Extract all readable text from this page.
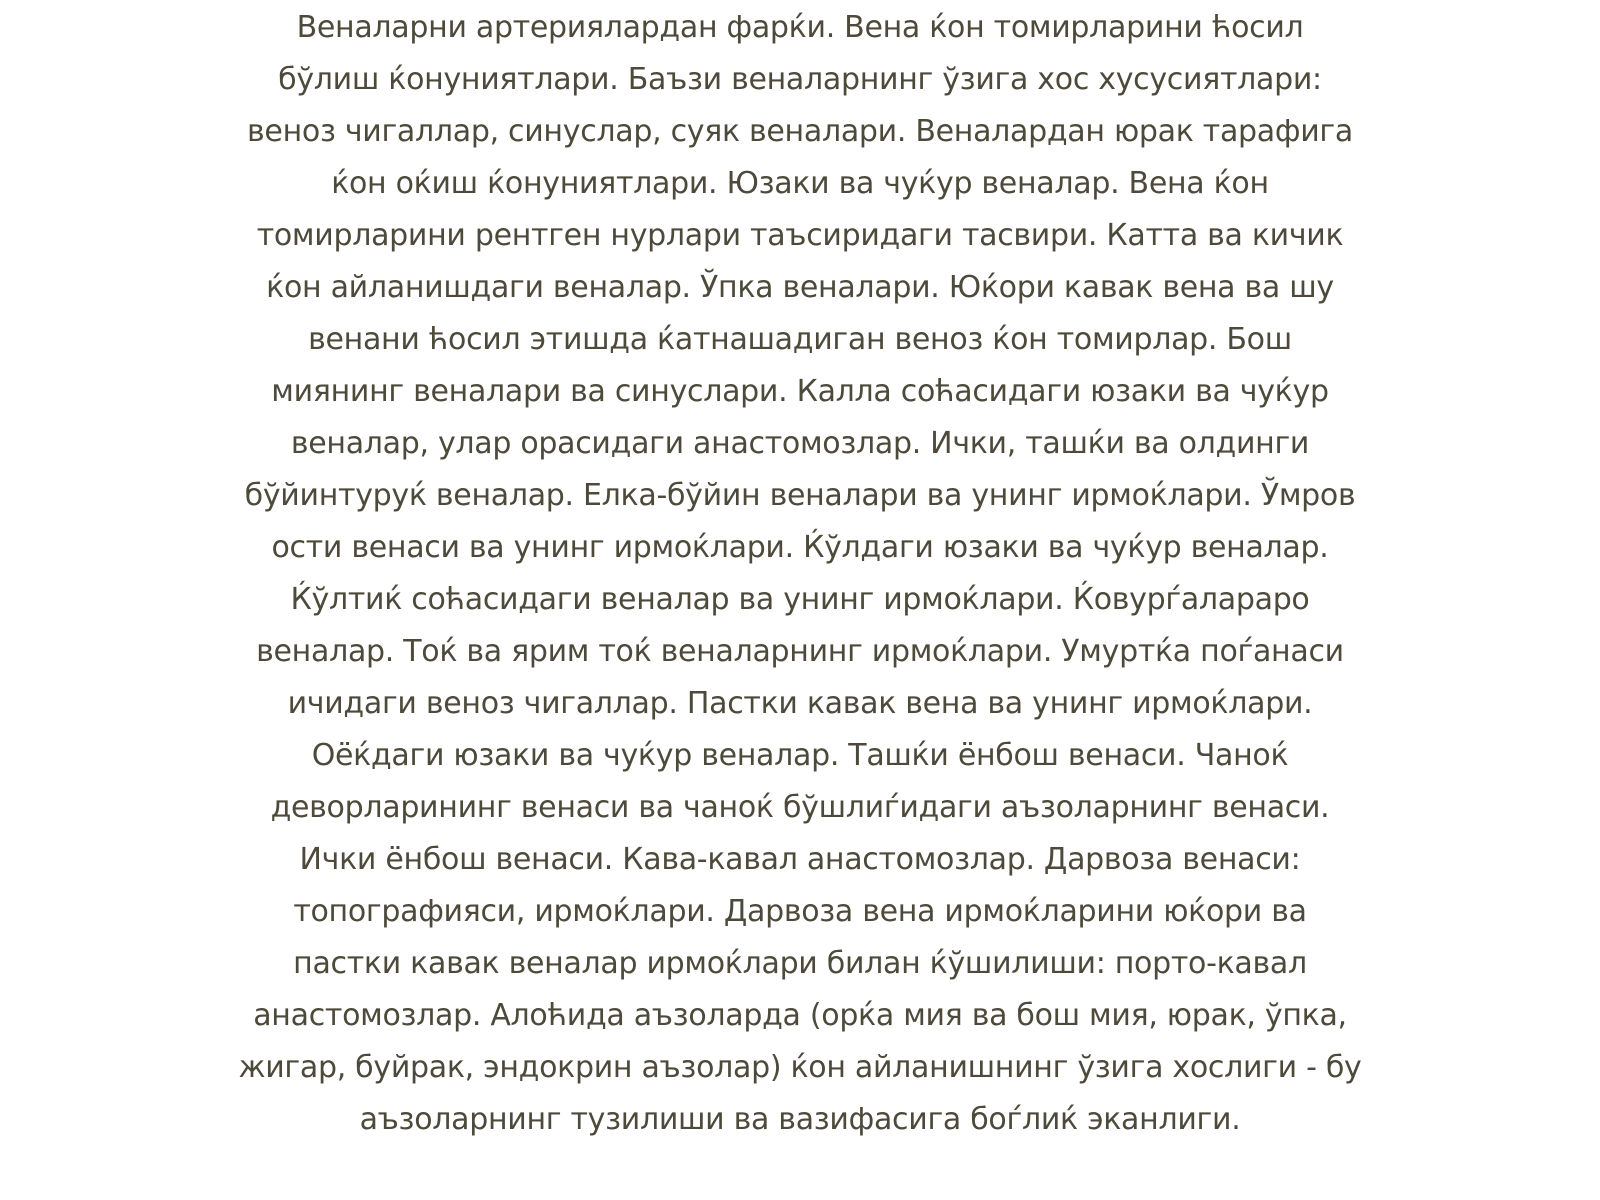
Веналарни артериялардан фарќи. Вена ќон томирларини ћосил
бўлиш ќонуниятлари. Баъзи веналарнинг ўзига хос хусусиятлари:
веноз чигаллар, синуслар, суяк веналари. Веналардан юрак тарафига
ќон оќиш ќонуниятлари. Юзаки ва чуќур веналар. Вена ќон
томирларини рентген нурлари таъсиридаги тасвири. Катта ва кичик
ќон айланишдаги веналар. Ўпка веналари. Юќори кавак вена ва шу
венани ћосил этишда ќатнашадиган веноз ќон томирлар. Бош
миянинг веналари ва синуслари. Калла соћасидаги юзаки ва чуќур
веналар, улар орасидаги анастомозлар. Ички, ташќи ва олдинги
бўйинтуруќ веналар. Елка-бўйин веналари ва унинг ирмоќлари. Ўмров
ости венаси ва унинг ирмоќлари. Ќўлдаги юзаки ва чуќур веналар.
Ќўлтиќ соћасидаги веналар ва унинг ирмоќлари. Ќовурѓалараро
веналар. Тоќ ва ярим тоќ веналарнинг ирмоќлари. Умуртќа поѓанаси
ичидаги веноз чигаллар. Пастки кавак вена ва унинг ирмоќлари.
Оёќдаги юзаки ва чуќур веналар. Ташќи ёнбош венаси. Чаноќ
деворларининг венаси ва чаноќ бўшлиѓидаги аъзоларнинг венаси.
Ички ёнбош венаси. Кава-кавал анастомозлар. Дарвоза венаси:
топографияси, ирмоќлари. Дарвоза вена ирмоќларини юќори ва
пастки кавак веналар ирмоќлари билан ќўшилиши: порто-кавал
анастомозлар. Алоћида аъзоларда (орќа мия ва бош мия, юрак, ўпка,
жигар, буйрак, эндокрин аъзолар) ќон айланишнинг ўзига хослиги - бу
аъзоларнинг тузилиши ва вазифасига боѓлиќ эканлиги.
